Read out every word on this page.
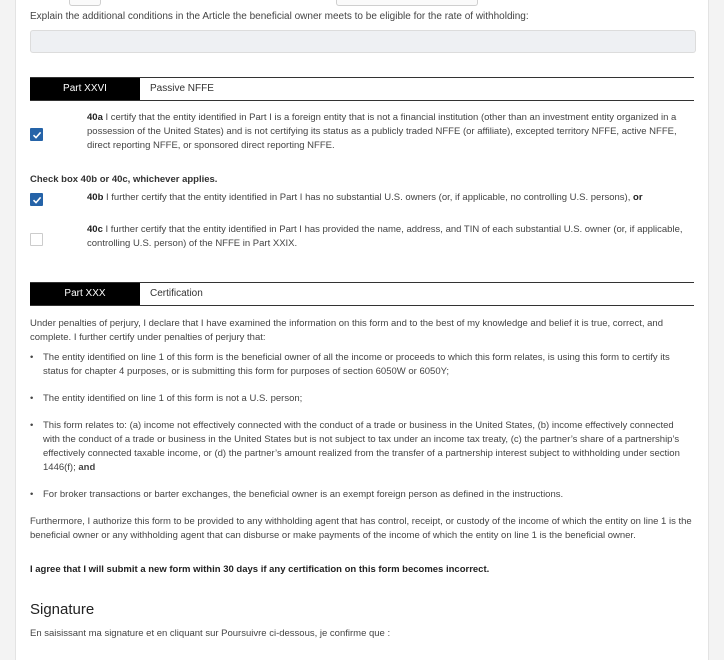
Explain the additional conditions in the Article the beneficial owner meets to be eligible for the rate of withholding:
Part XXVI	Passive NFFE
40a I certify that the entity identified in Part I is a foreign entity that is not a financial institution (other than an investment entity organized in a possession of the United States) and is not certifying its status as a publicly traded NFFE (or affiliate), excepted territory NFFE, active NFFE, direct reporting NFFE, or sponsored direct reporting NFFE.
Check box 40b or 40c, whichever applies.
40b I further certify that the entity identified in Part I has no substantial U.S. owners (or, if applicable, no controlling U.S. persons), or
40c I further certify that the entity identified in Part I has provided the name, address, and TIN of each substantial U.S. owner (or, if applicable, controlling U.S. person) of the NFFE in Part XXIX.
Part XXX	Certification
Under penalties of perjury, I declare that I have examined the information on this form and to the best of my knowledge and belief it is true, correct, and complete. I further certify under penalties of perjury that:
• The entity identified on line 1 of this form is the beneficial owner of all the income or proceeds to which this form relates, is using this form to certify its status for chapter 4 purposes, or is submitting this form for purposes of section 6050W or 6050Y;
• The entity identified on line 1 of this form is not a U.S. person;
• This form relates to: (a) income not effectively connected with the conduct of a trade or business in the United States, (b) income effectively connected with the conduct of a trade or business in the United States but is not subject to tax under an income tax treaty, (c) the partner’s share of a partnership’s effectively connected taxable income, or (d) the partner’s amount realized from the transfer of a partnership interest subject to withholding under section 1446(f); and
• For broker transactions or barter exchanges, the beneficial owner is an exempt foreign person as defined in the instructions.
Furthermore, I authorize this form to be provided to any withholding agent that has control, receipt, or custody of the income of which the entity on line 1 is the beneficial owner or any withholding agent that can disburse or make payments of the income of which the entity on line 1 is the beneficial owner.
I agree that I will submit a new form within 30 days if any certification on this form becomes incorrect.
Signature
En saisissant ma signature et en cliquant sur Poursuivre ci-dessous, je confirme que :
